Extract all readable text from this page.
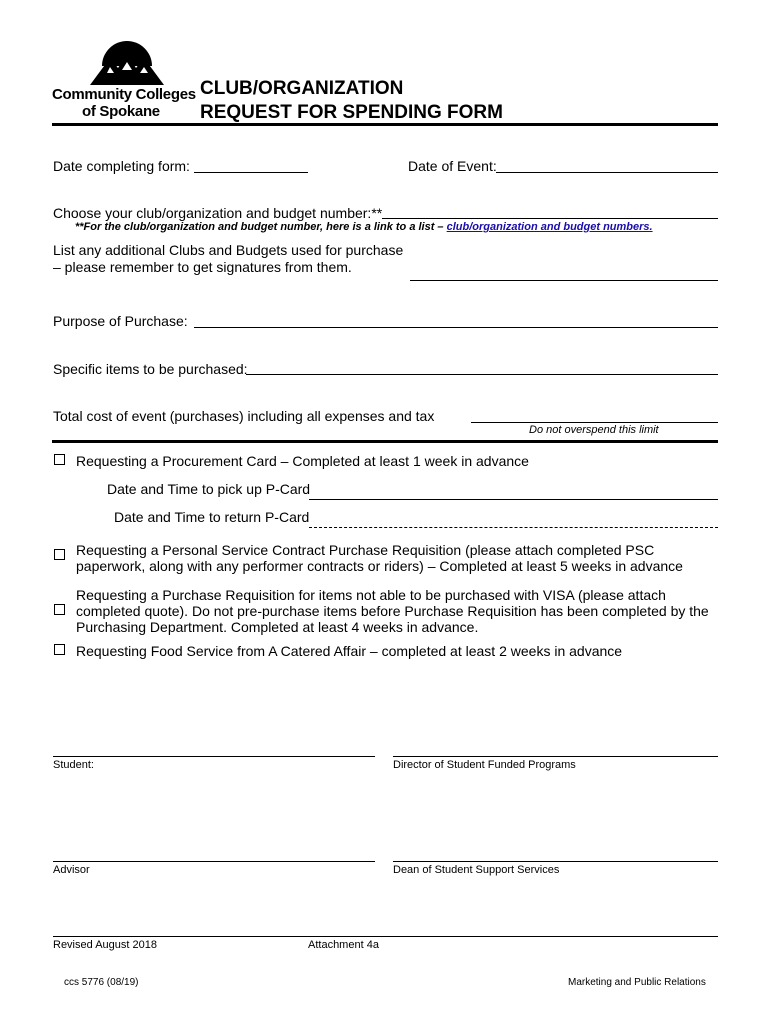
Community Colleges
of Spokane
CLUB/ORGANIZATION
REQUEST FOR SPENDING FORM
Date completing form:	Date of Event:
Choose your club/organization and budget number:**
**For the club/organization and budget number, here is a link to a list – club/organization and budget numbers.
List any additional Clubs and Budgets used for purchase
– please remember to get signatures from them.
Purpose of Purchase:
Specific items to be purchased:
Total cost of event (purchases) including all expenses and tax
Do not overspend this limit
Requesting a Procurement Card – Completed at least 1 week in advance
Date and Time to pick up P-Card
Date and Time to return P-Card
Requesting a Personal Service Contract Purchase Requisition (please attach completed PSC
paperwork, along with any performer contracts or riders) – Completed at least 5 weeks in advance
Requesting a Purchase Requisition for items not able to be purchased with VISA (please attach
completed quote). Do not pre-purchase items before Purchase Requisition has been completed by the
Purchasing Department. Completed at least 4 weeks in advance.
Requesting Food Service from A Catered Affair – completed at least 2 weeks in advance
Student:	Director of Student Funded Programs
Advisor	Dean of Student Support Services
Revised August 2018	Attachment 4a
ccs 5776 (08/19)	Marketing and Public Relations
